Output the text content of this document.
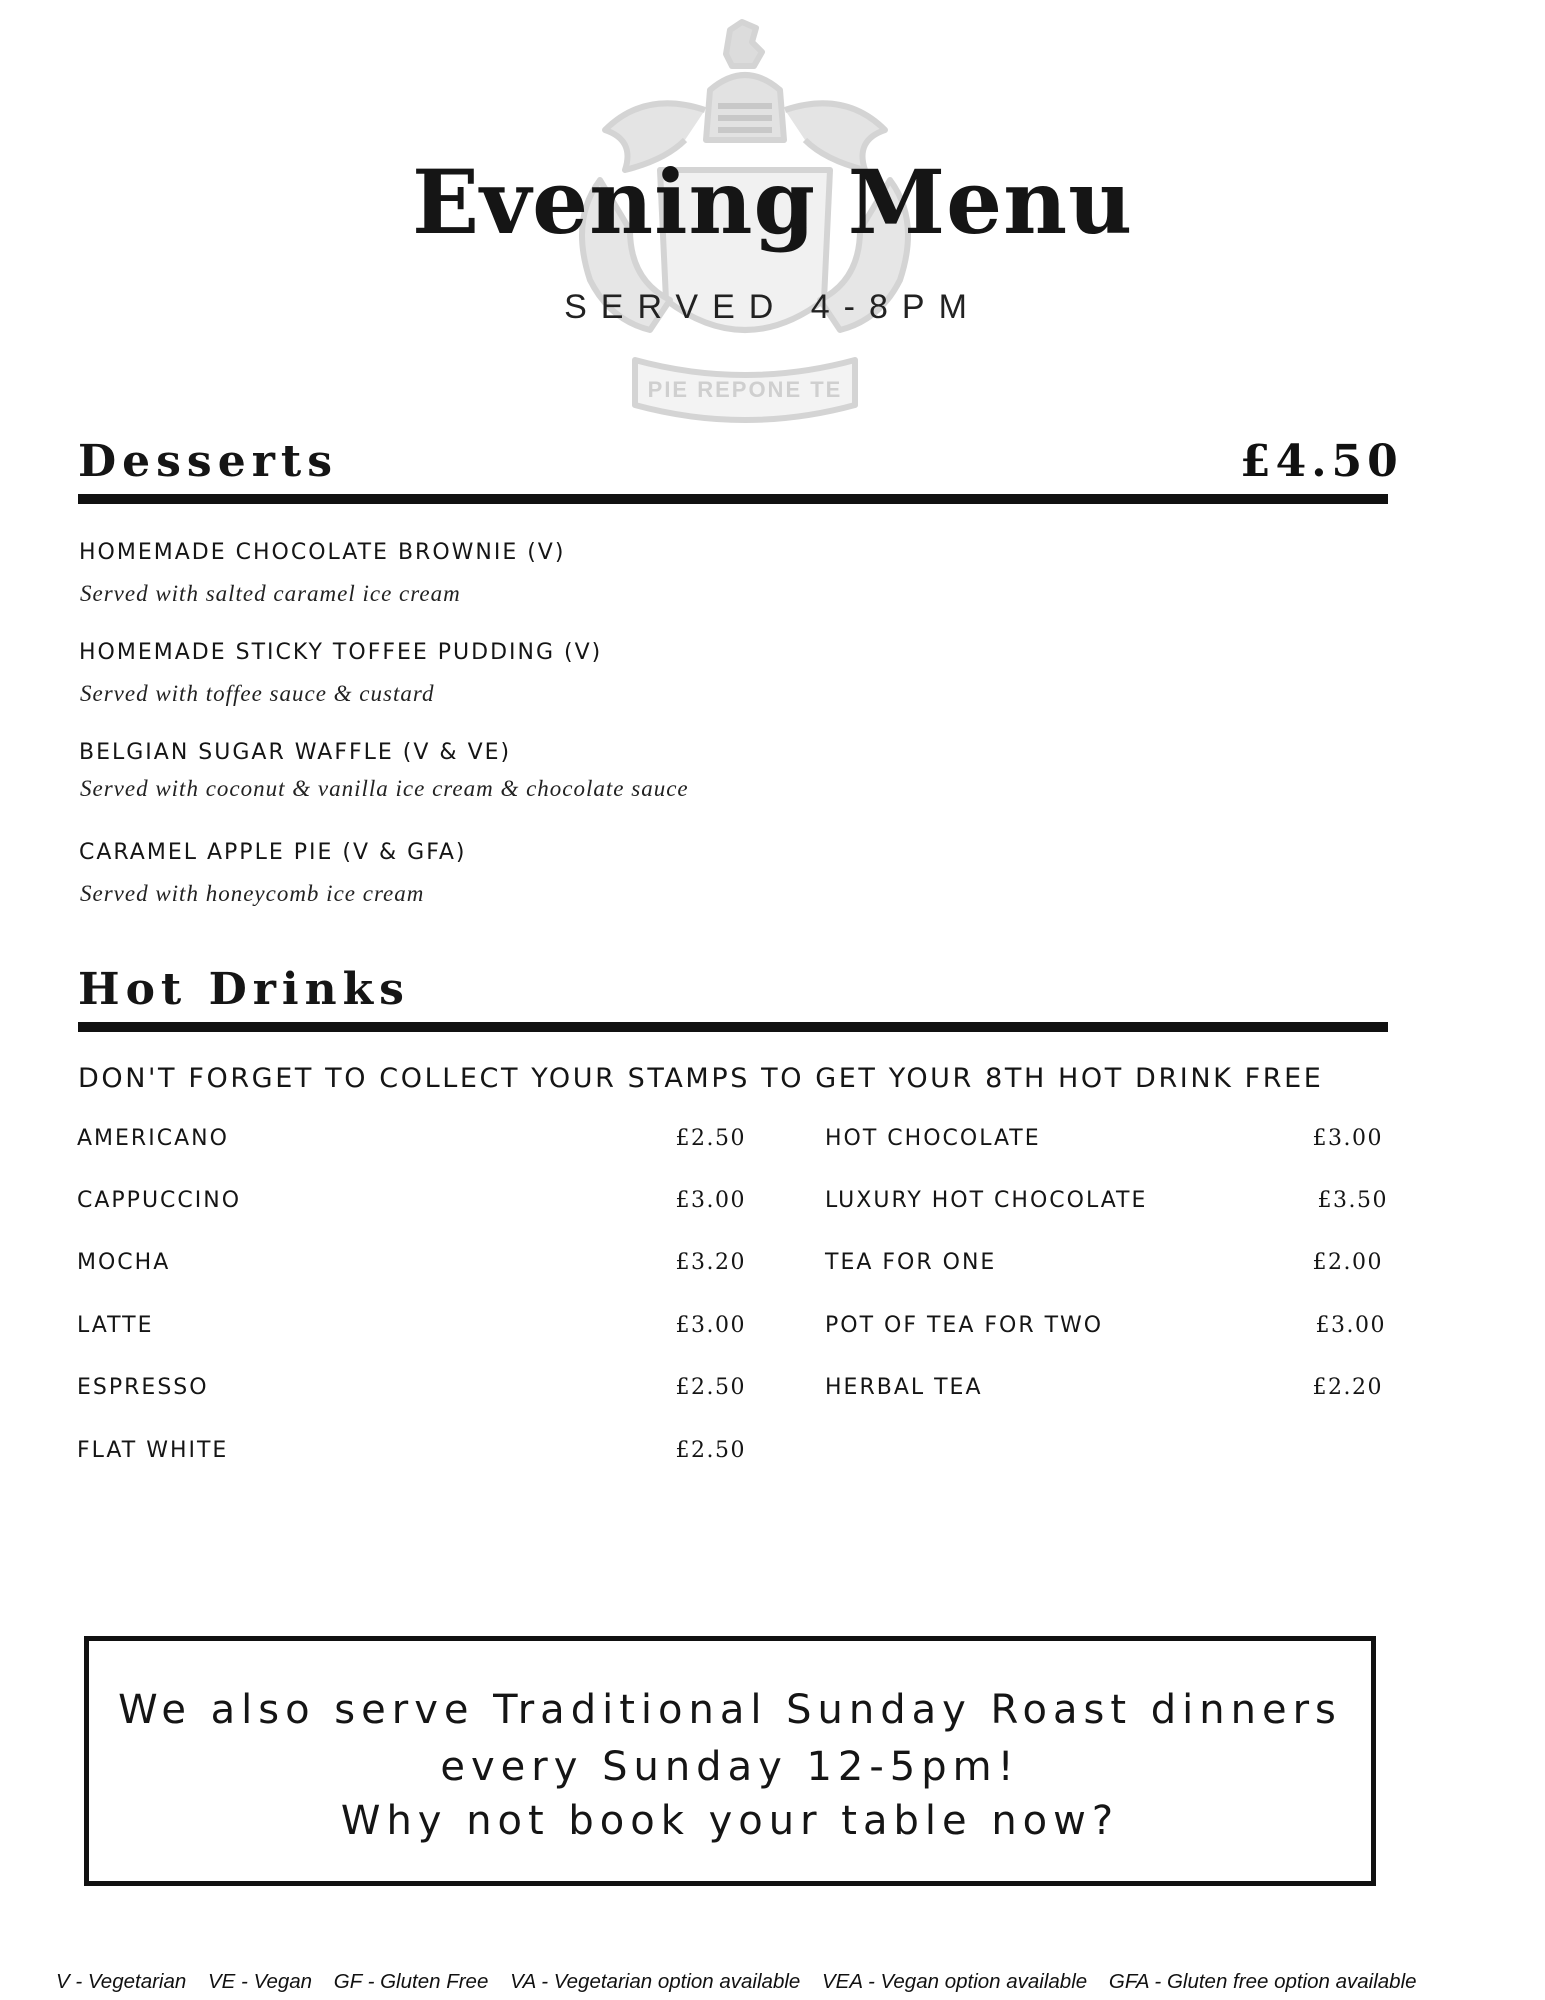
PIE REPONE TE
Evening Menu
SERVED 4-8PM
Desserts	£4.50
HOMEMADE CHOCOLATE BROWNIE (V)
Served with salted caramel ice cream
HOMEMADE STICKY TOFFEE PUDDING (V)
Served with toffee sauce & custard
BELGIAN SUGAR WAFFLE (V & VE)
Served with coconut & vanilla ice cream & chocolate sauce
CARAMEL APPLE PIE (V & GFA)
Served with honeycomb ice cream
Hot Drinks
DON'T FORGET TO COLLECT YOUR STAMPS TO GET YOUR 8TH HOT DRINK FREE
AMERICANO	£2.50
CAPPUCCINO	£3.00
MOCHA	£3.20
LATTE	£3.00
ESPRESSO	£2.50
FLAT WHITE	£2.50
HOT CHOCOLATE	£3.00
LUXURY HOT CHOCOLATE	£3.50
TEA FOR ONE	£2.00
POT OF TEA FOR TWO	£3.00
HERBAL TEA	£2.20
We also serve Traditional Sunday Roast dinners
every Sunday 12-5pm!
Why not book your table now?
V - Vegetarian VE - Vegan GF - Gluten Free VA - Vegetarian option available VEA - Vegan option available GFA - Gluten free option available
